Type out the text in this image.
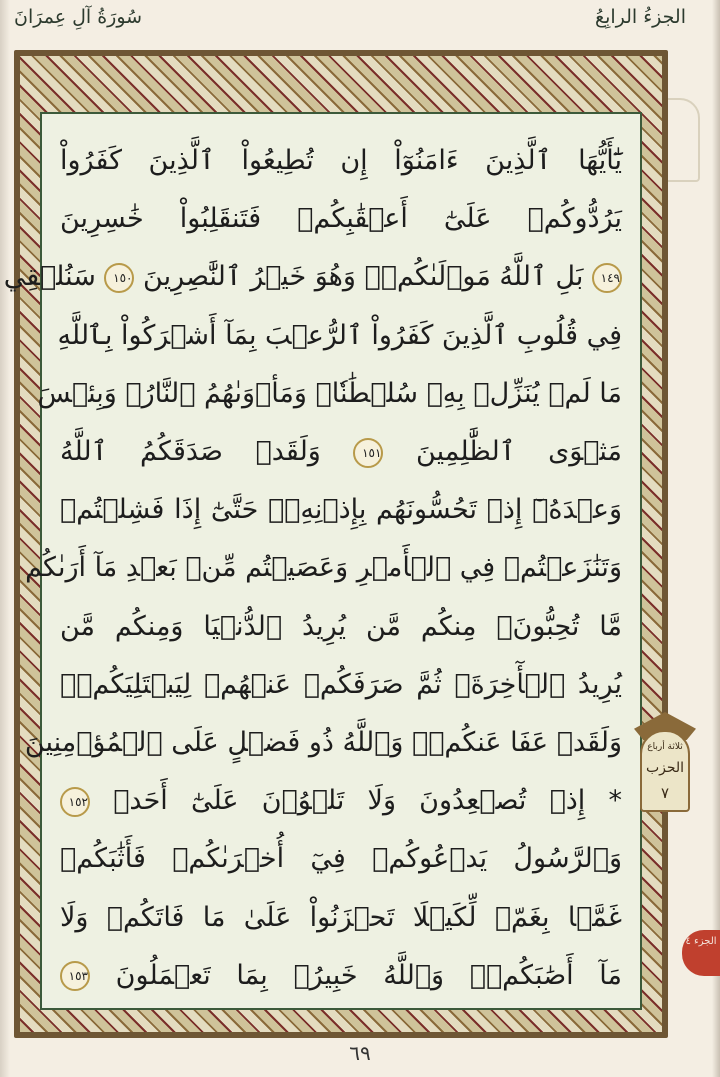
الجزءُ الرابِعُ
سُورَةُ آلِ عِمرَانَ
يَٰٓأَيُّهَا ٱلَّذِينَ ءَامَنُوٓاْ إِن تُطِيعُواْ ٱلَّذِينَ كَفَرُواْ
يَرُدُّوكُمۡ عَلَىٰٓ أَعۡقَٰبِكُمۡ فَتَنقَلِبُواْ خَٰسِرِينَ
١٤٩ بَلِ ٱللَّهُ مَوۡلَىٰكُمۡۖ وَهُوَ خَيۡرُ ٱلنَّٰصِرِينَ ١٥٠ سَنُلۡقِي
فِي قُلُوبِ ٱلَّذِينَ كَفَرُواْ ٱلرُّعۡبَ بِمَآ أَشۡرَكُواْ بِٱللَّهِ
مَا لَمۡ يُنَزِّلۡ بِهِۦ سُلۡطَٰنٗاۖ وَمَأۡوَىٰهُمُ ٱلنَّارُۖ وَبِئۡسَ
مَثۡوَى ٱلظَّٰلِمِينَ ١٥١ وَلَقَدۡ صَدَقَكُمُ ٱللَّهُ
وَعۡدَهُۥٓ إِذۡ تَحُسُّونَهُم بِإِذۡنِهِۦۖ حَتَّىٰٓ إِذَا فَشِلۡتُمۡ
وَتَنَٰزَعۡتُمۡ فِي ٱلۡأَمۡرِ وَعَصَيۡتُم مِّنۢ بَعۡدِ مَآ أَرَىٰكُم
مَّا تُحِبُّونَۚ مِنكُم مَّن يُرِيدُ ٱلدُّنۡيَا وَمِنكُم مَّن
يُرِيدُ ٱلۡأٓخِرَةَۚ ثُمَّ صَرَفَكُمۡ عَنۡهُمۡ لِيَبۡتَلِيَكُمۡۖ
وَلَقَدۡ عَفَا عَنكُمۡۗ وَٱللَّهُ ذُو فَضۡلٍ عَلَى ٱلۡمُؤۡمِنِينَ
* إِذۡ تُصۡعِدُونَ وَلَا تَلۡوُۥنَ عَلَىٰٓ أَحَدٖ ١٥٢
وَٱلرَّسُولُ يَدۡعُوكُمۡ فِيٓ أُخۡرَىٰكُمۡ فَأَثَٰبَكُمۡ
غَمَّۢا بِغَمّٖ لِّكَيۡلَا تَحۡزَنُواْ عَلَىٰ مَا فَاتَكُمۡ وَلَا
مَآ أَصَٰبَكُمۡۗ وَٱللَّهُ خَبِيرُۢ بِمَا تَعۡمَلُونَ ١٥٣
ثلاثة أرباع
الحزب
٧
الجزء ٤
٦٩
